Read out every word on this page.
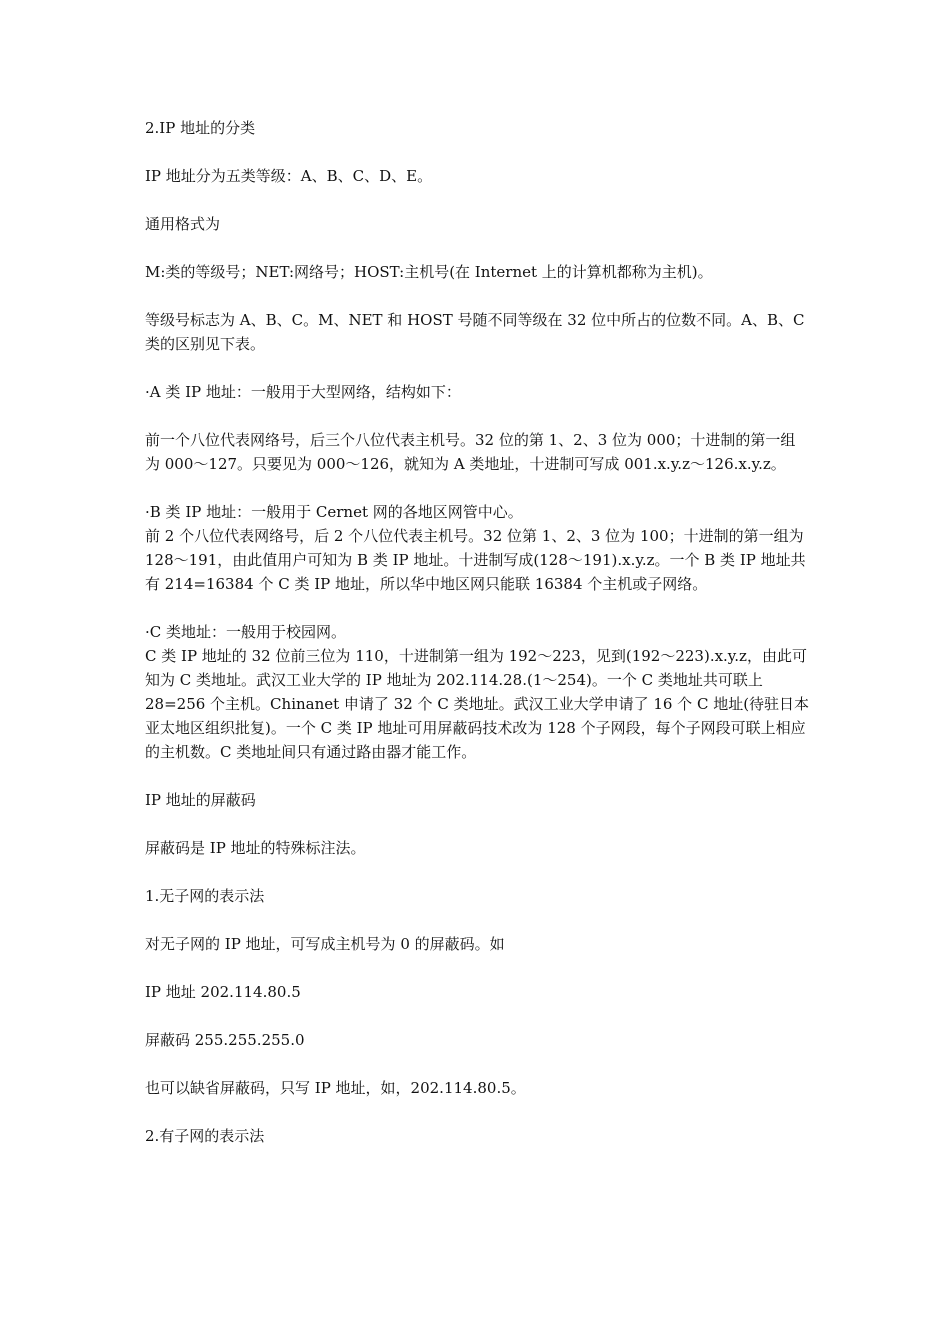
2.IP 地址的分类

IP 地址分为五类等级：A、B、C、D、E。

通用格式为

M:类的等级号；NET:网络号；HOST:主机号(在 Internet 上的计算机都称为主机)。

等级号标志为 A、B、C。M、NET 和 HOST 号随不同等级在 32 位中所占的位数不同。A、B、C 类的区别见下表。

·A 类 IP 地址：一般用于大型网络，结构如下：

前一个八位代表网络号，后三个八位代表主机号。32 位的第 1、2、3 位为 000；十进制的第一组为 000～127。只要见为 000～126，就知为 A 类地址，十进制可写成 001.x.y.z～126.x.y.z。

·B 类 IP 地址：一般用于 Cernet 网的各地区网管中心。

前 2 个八位代表网络号，后 2 个八位代表主机号。32 位第 1、2、3 位为 100；十进制的第一组为 128～191，由此值用户可知为 B 类 IP 地址。十进制写成(128～191).x.y.z。一个 B 类 IP 地址共有 214=16384 个 C 类 IP 地址，所以华中地区网只能联 16384 个主机或子网络。

·C 类地址：一般用于校园网。

C 类 IP 地址的 32 位前三位为 110，十进制第一组为 192～223，见到(192～223).x.y.z，由此可知为 C 类地址。武汉工业大学的 IP 地址为 202.114.28.(1～254)。一个 C 类地址共可联上 28=256 个主机。Chinanet 申请了 32 个 C 类地址。武汉工业大学申请了 16 个 C 地址(待驻日本亚太地区组织批复)。一个 C 类 IP 地址可用屏蔽码技术改为 128 个子网段，每个子网段可联上相应的主机数。C 类地址间只有通过路由器才能工作。

IP 地址的屏蔽码

屏蔽码是 IP 地址的特殊标注法。

1.无子网的表示法

对无子网的 IP 地址，可写成主机号为 0 的屏蔽码。如

IP 地址 202.114.80.5

屏蔽码 255.255.255.0

也可以缺省屏蔽码，只写 IP 地址，如，202.114.80.5。

2.有子网的表示法
